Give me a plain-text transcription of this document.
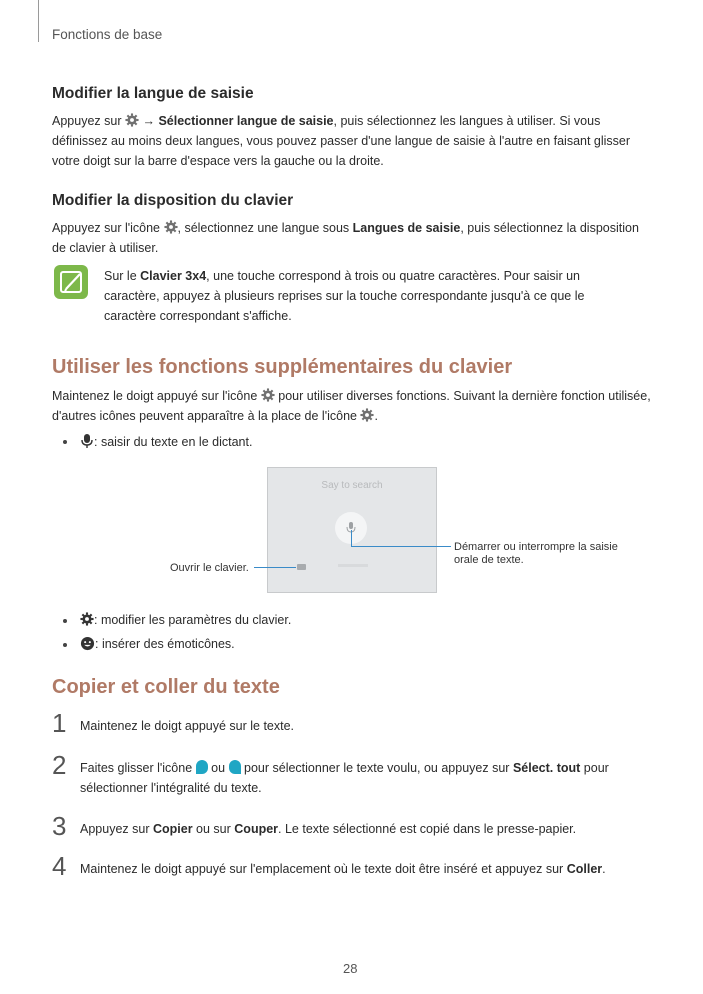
Fonctions de base
Modifier la langue de saisie

Appuyez sur → Sélectionner langue de saisie, puis sélectionnez les langues à utiliser. Si vous définissez au moins deux langues, vous pouvez passer d'une langue de saisie à l'autre en faisant glisser votre doigt sur la barre d'espace vers la gauche ou la droite.

Modifier la disposition du clavier

Appuyez sur l'icône , sélectionnez une langue sous Langues de saisie, puis sélectionnez la disposition de clavier à utiliser.

Sur le Clavier 3x4, une touche correspond à trois ou quatre caractères. Pour saisir un caractère, appuyez à plusieurs reprises sur la touche correspondante jusqu'à ce que le caractère correspondant s'affiche.

Utiliser les fonctions supplémentaires du clavier

Maintenez le doigt appuyé sur l'icône pour utiliser diverses fonctions. Suivant la dernière fonction utilisée, d'autres icônes peuvent apparaître à la place de l'icône .

: saisir du texte en le dictant.
Say to search
Démarrer ou interrompre la saisie orale de texte.
Ouvrir le clavier.
: modifier les paramètres du clavier.
: insérer des émoticônes.
Copier et coller du texte
1 Maintenez le doigt appuyé sur le texte.

2 Faites glisser l'icône ou pour sélectionner le texte voulu, ou appuyez sur Sélect. tout pour sélectionner l'intégralité du texte.

3 Appuyez sur Copier ou sur Couper. Le texte sélectionné est copié dans le presse-papier.

4 Maintenez le doigt appuyé sur l'emplacement où le texte doit être inséré et appuyez sur Coller.

28
